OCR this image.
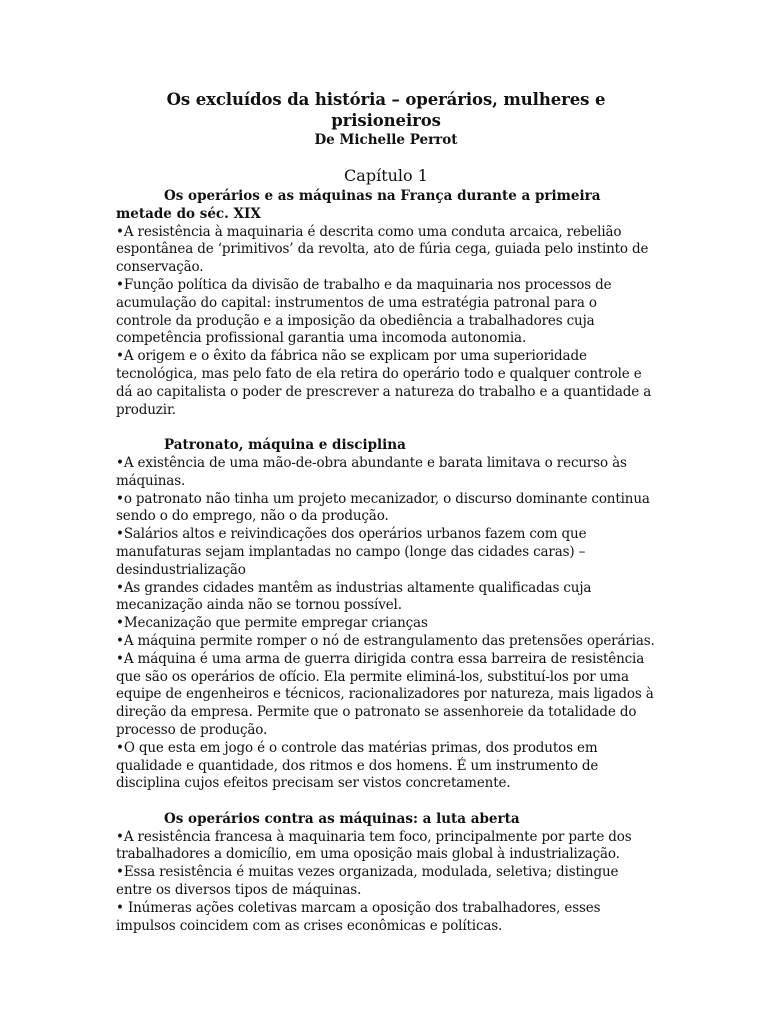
Os excluídos da história – operários, mulheres e prisioneiros

De Michelle Perrot

Capítulo 1

Os operários e as máquinas na França durante a primeira metade do séc. XIX

•A resistência à maquinaria é descrita como uma conduta arcaica, rebelião espontânea de ‘primitivos’ da revolta, ato de fúria cega, guiada pelo instinto de conservação.

•Função política da divisão de trabalho e da maquinaria nos processos de acumulação do capital: instrumentos de uma estratégia patronal para o controle da produção e a imposição da obediência a trabalhadores cuja competência profissional garantia uma incomoda autonomia.

•A origem e o êxito da fábrica não se explicam por uma superioridade tecnológica, mas pelo fato de ela retira do operário todo e qualquer controle e dá ao capitalista o poder de prescrever a natureza do trabalho e a quantidade a produzir.

Patronato, máquina e disciplina

•A existência de uma mão-de-obra abundante e barata limitava o recurso às máquinas.

•o patronato não tinha um projeto mecanizador, o discurso dominante continua sendo o do emprego, não o da produção.

•Salários altos e reivindicações dos operários urbanos fazem com que manufaturas sejam implantadas no campo (longe das cidades caras) – desindustrialização

•As grandes cidades mantêm as industrias altamente qualificadas cuja mecanização ainda não se tornou possível.

•Mecanização que permite empregar crianças

•A máquina permite romper o nó de estrangulamento das pretensões operárias.

•A máquina é uma arma de guerra dirigida contra essa barreira de resistência que são os operários de ofício. Ela permite eliminá-los, substituí-los por uma equipe de engenheiros e técnicos, racionalizadores por natureza, mais ligados à direção da empresa. Permite que o patronato se assenhoreie da totalidade do processo de produção.

•O que esta em jogo é o controle das matérias primas, dos produtos em qualidade e quantidade, dos ritmos e dos homens. É um instrumento de disciplina cujos efeitos precisam ser vistos concretamente.

Os operários contra as máquinas: a luta aberta

•A resistência francesa à maquinaria tem foco, principalmente por parte dos trabalhadores a domicílio, em uma oposição mais global à industrialização.

•Essa resistência é muitas vezes organizada, modulada, seletiva; distingue entre os diversos tipos de máquinas.

• Inúmeras ações coletivas marcam a oposição dos trabalhadores, esses impulsos coincidem com as crises econômicas e políticas.
